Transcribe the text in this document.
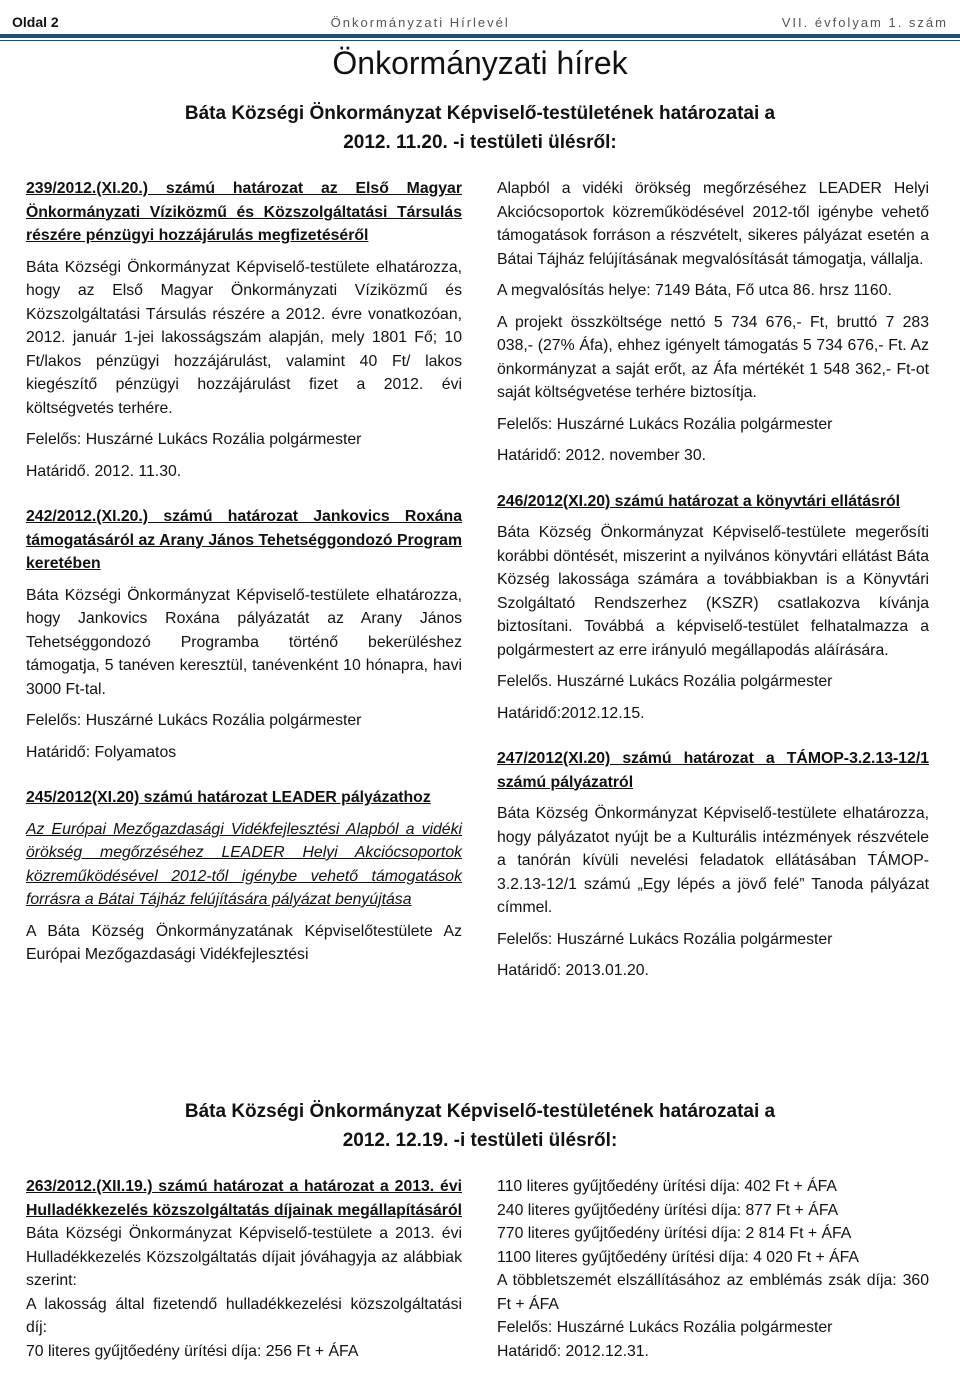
Oldal 2	Önkormányzati Hírlevél	VII. évfolyam 1. szám
Önkormányzati hírek
Báta Községi Önkormányzat Képviselő-testületének határozatai a
2012. 11.20. -i testületi ülésről:

239/2012.(XI.20.) számú határozat az Első Magyar Önkormányzati Víziközmű és Közszolgáltatási Társulás részére pénzügyi hozzájárulás megfizetéséről

Báta Községi Önkormányzat Képviselő-testülete elhatározza, hogy az Első Magyar Önkormányzati Víziközmű és Közszolgáltatási Társulás részére a 2012. évre vonatkozóan, 2012. január 1-jei lakosságszám alapján, mely 1801 Fő; 10 Ft/lakos pénzügyi hozzájárulást, valamint 40 Ft/ lakos kiegészítő pénzügyi hozzájárulást fizet a 2012. évi költségvetés terhére.

Felelős: Huszárné Lukács Rozália polgármester

Határidő. 2012. 11.30.

242/2012.(XI.20.) számú határozat Jankovics Roxána támogatásáról az Arany János Tehetséggondozó Program keretében

Báta Községi Önkormányzat Képviselő-testülete elhatározza, hogy Jankovics Roxána pályázatát az Arany János Tehetséggondozó Programba történő bekerüléshez támogatja, 5 tanéven keresztül, tanévenként 10 hónapra, havi 3000 Ft-tal.

Felelős: Huszárné Lukács Rozália polgármester

Határidő: Folyamatos

245/2012(XI.20) számú határozat LEADER pályázathoz

Az Európai Mezőgazdasági Vidékfejlesztési Alapból a vidéki örökség megőrzéséhez LEADER Helyi Akciócsoportok közreműködésével 2012-től igénybe vehető támogatások forrásra a Bátai Tájház felújítására pályázat benyújtása

A Báta Község Önkormányzatának Képviselőtestülete Az Európai Mezőgazdasági Vidékfejlesztési

Alapból a vidéki örökség megőrzéséhez LEADER Helyi Akciócsoportok közreműködésével 2012-től igénybe vehető támogatások forráson a részvételt, sikeres pályázat esetén a Bátai Tájház felújításának megvalósítását támogatja, vállalja.

A megvalósítás helye: 7149 Báta, Fő utca 86. hrsz 1160.

A projekt összköltsége nettó 5 734 676,- Ft, bruttó 7 283 038,- (27% Áfa), ehhez igényelt támogatás 5 734 676,- Ft. Az önkormányzat a saját erőt, az Áfa mértékét 1 548 362,- Ft-ot saját költségvetése terhére biztosítja.

Felelős: Huszárné Lukács Rozália polgármester

Határidő: 2012. november 30.

246/2012(XI.20) számú határozat a könyvtári ellátásról

Báta Község Önkormányzat Képviselő-testülete megerősíti korábbi döntését, miszerint a nyilvános könyvtári ellátást Báta Község lakossága számára a továbbiakban is a Könyvtári Szolgáltató Rendszerhez (KSZR) csatlakozva kívánja biztosítani. Továbbá a képviselő-testület felhatalmazza a polgármestert az erre irányuló megállapodás aláírására.

Felelős. Huszárné Lukács Rozália polgármester

Határidő:2012.12.15.

247/2012(XI.20) számú határozat a TÁMOP-3.2.13-12/1 számú pályázatról

Báta Község Önkormányzat Képviselő-testülete elhatározza, hogy pályázatot nyújt be a Kulturális intézmények részvétele a tanórán kívüli nevelési feladatok ellátásában TÁMOP-3.2.13-12/1 számú „Egy lépés a jövő felé” Tanoda pályázat címmel.

Felelős: Huszárné Lukács Rozália polgármester

Határidő: 2013.01.20.

Báta Községi Önkormányzat Képviselő-testületének határozatai a
2012. 12.19. -i testületi ülésről:

263/2012.(XII.19.) számú határozat a határozat a 2013. évi Hulladékkezelés közszolgáltatás díjainak megállapításáról Báta Községi Önkormányzat Képviselő-testülete a 2013. évi Hulladékkezelés Közszolgáltatás díjait jóváhagyja az alábbiak szerint:

A lakosság által fizetendő hulladékkezelési közszolgáltatási díj:

70 literes gyűjtőedény ürítési díja: 256 Ft + ÁFA

110 literes gyűjtőedény ürítési díja: 402 Ft + ÁFA

240 literes gyűjtőedény ürítési díja: 877 Ft + ÁFA

770 literes gyűjtőedény ürítési díja: 2 814 Ft + ÁFA

1100 literes gyűjtőedény ürítési díja: 4 020 Ft + ÁFA

A többletszemét elszállításához az emblémás zsák díja: 360 Ft + ÁFA

Felelős: Huszárné Lukács Rozália polgármester

Határidő: 2012.12.31.
